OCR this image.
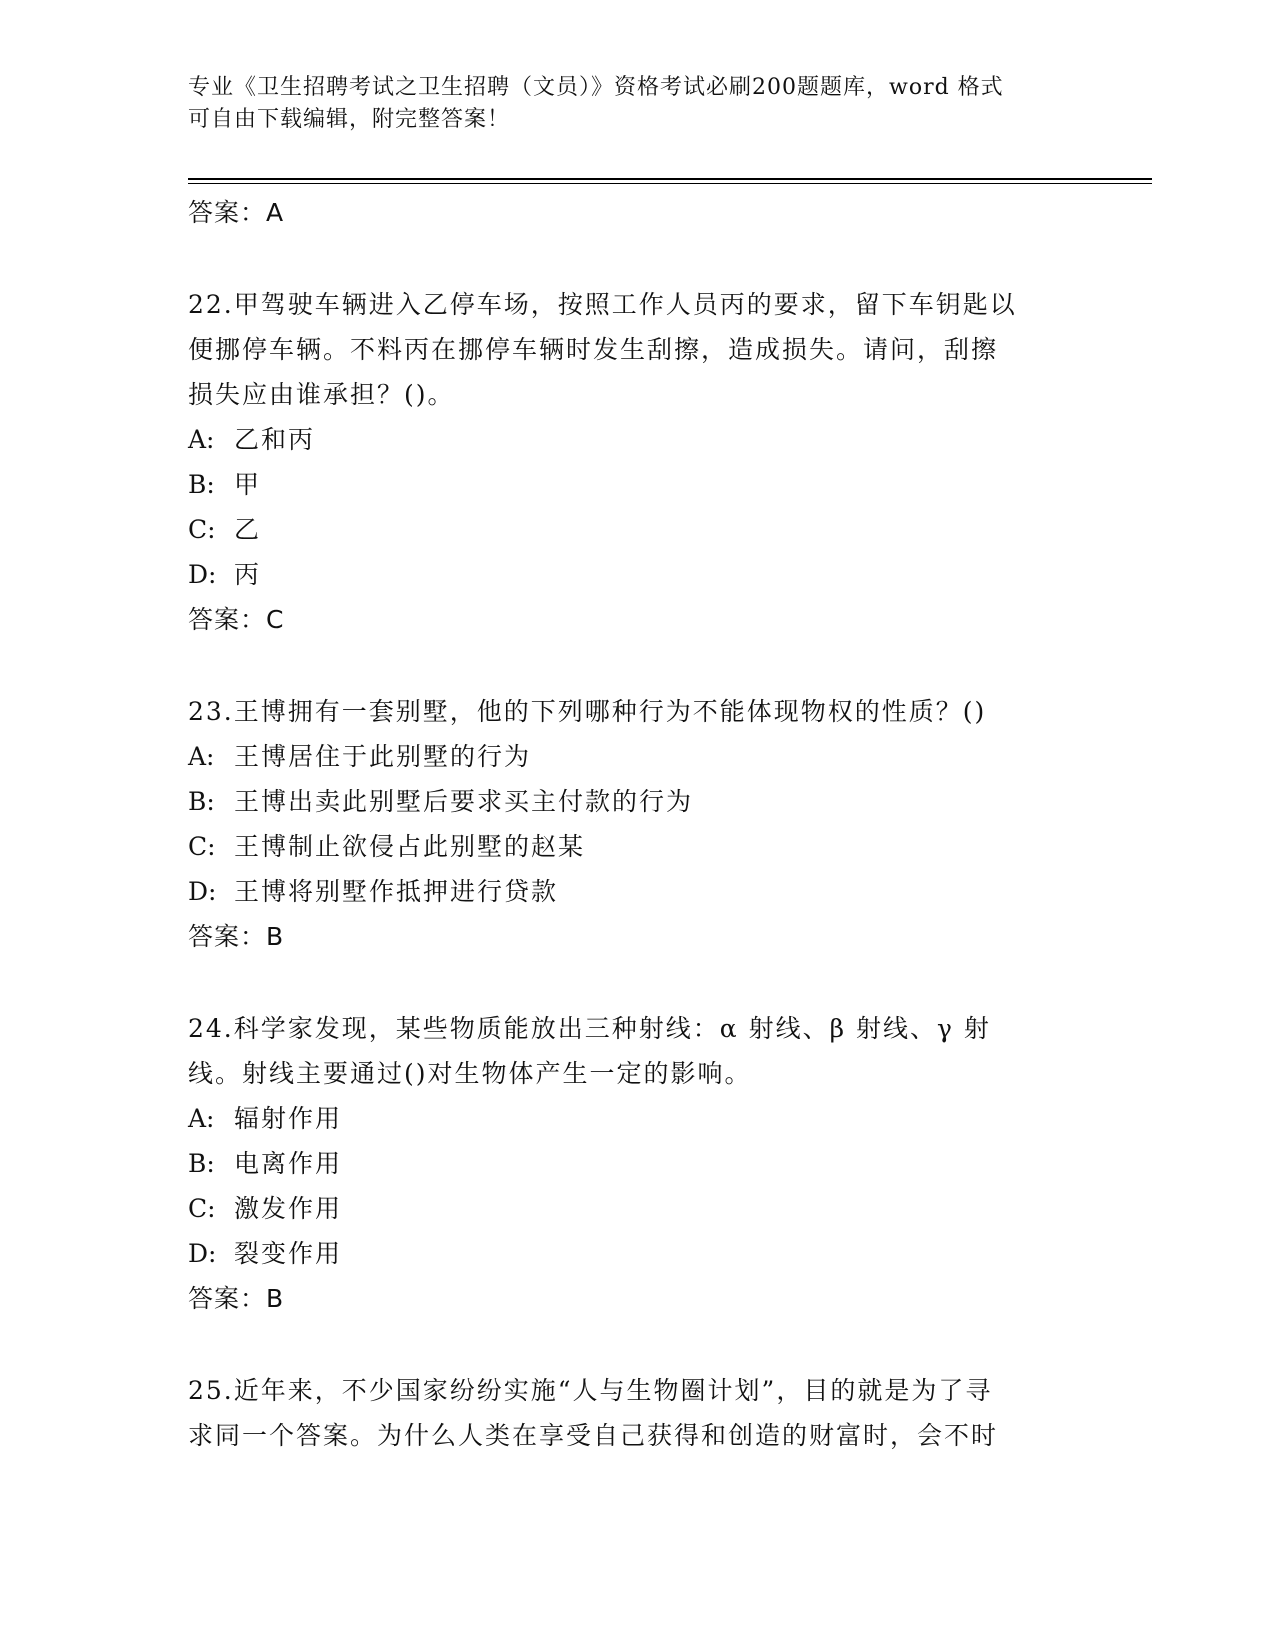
专业《卫生招聘考试之卫生招聘（文员）》资格考试必刷200题题库，word 格式
可自由下载编辑，附完整答案！
答案：A
22.甲驾驶车辆进入乙停车场，按照工作人员丙的要求，留下车钥匙以
便挪停车辆。不料丙在挪停车辆时发生刮擦，造成损失。请问，刮擦
损失应由谁承担？()。
A: 乙和丙
B: 甲
C: 乙
D: 丙
答案：C
23.王博拥有一套别墅，他的下列哪种行为不能体现物权的性质？()
A: 王博居住于此别墅的行为
B: 王博出卖此别墅后要求买主付款的行为
C: 王博制止欲侵占此别墅的赵某
D: 王博将别墅作抵押进行贷款
答案：B
24.科学家发现，某些物质能放出三种射线：α 射线、β 射线、γ 射
线。射线主要通过()对生物体产生一定的影响。
A: 辐射作用
B: 电离作用
C: 激发作用
D: 裂变作用
答案：B
25.近年来，不少国家纷纷实施“人与生物圈计划”，目的就是为了寻
求同一个答案。为什么人类在享受自己获得和创造的财富时，会不时
